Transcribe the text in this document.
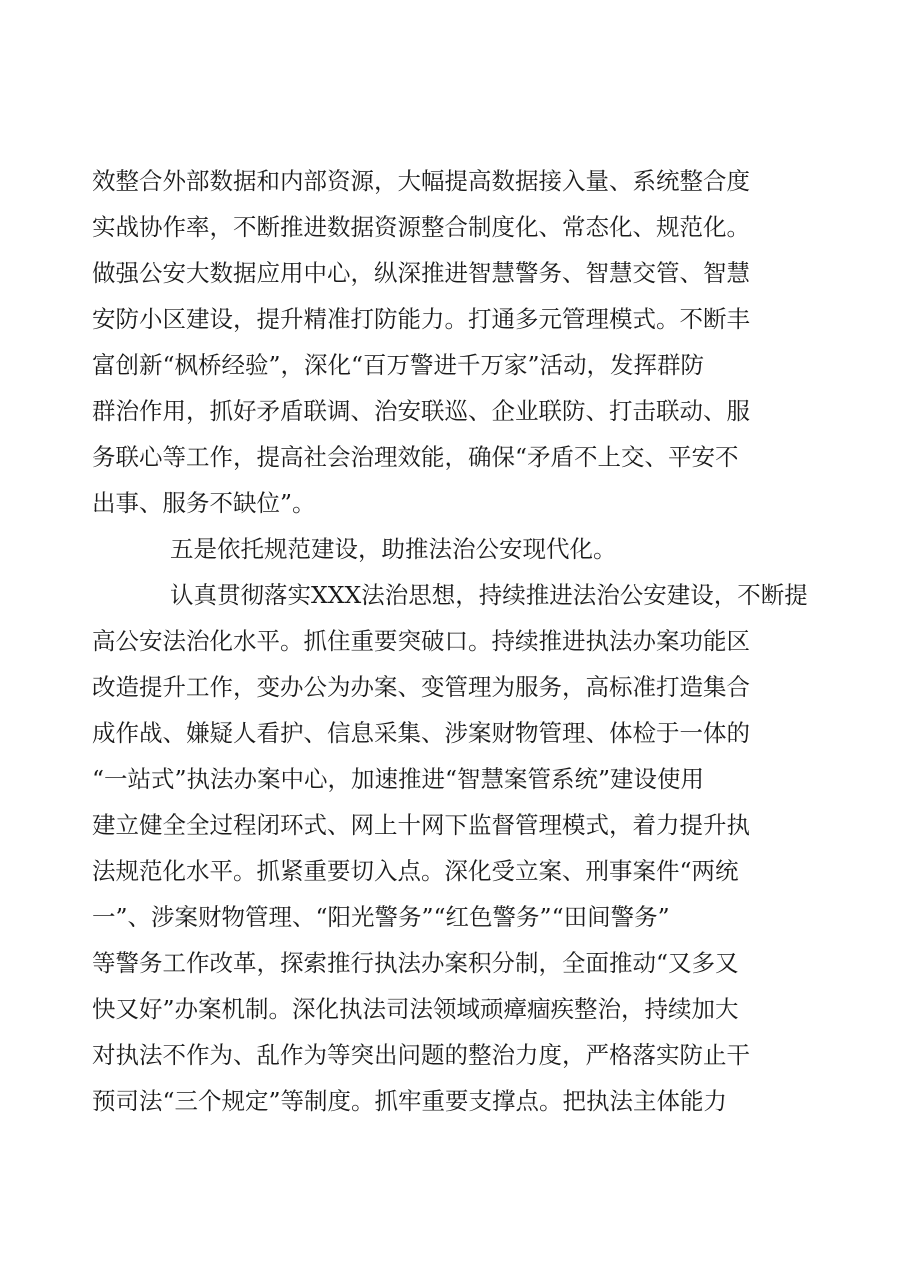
效整合外部数据和内部资源，大幅提高数据接入量、系统整合度
实战协作率，不断推进数据资源整合制度化、常态化、规范化。
做强公安大数据应用中心，纵深推进智慧警务、智慧交管、智慧
安防小区建设，提升精准打防能力。打通多元管理模式。不断丰
富创新“枫桥经验”，深化“百万警进千万家”活动，发挥群防
群治作用，抓好矛盾联调、治安联巡、企业联防、打击联动、服
务联心等工作，提高社会治理效能，确保“矛盾不上交、平安不
出事、服务不缺位”。
五是依托规范建设，助推法治公安现代化。
认真贯彻落实XXX法治思想，持续推进法治公安建设，不断提
高公安法治化水平。抓住重要突破口。持续推进执法办案功能区
改造提升工作，变办公为办案、变管理为服务，高标准打造集合
成作战、嫌疑人看护、信息采集、涉案财物管理、体检于一体的
“一站式”执法办案中心，加速推进“智慧案管系统”建设使用
建立健全全过程闭环式、网上十网下监督管理模式，着力提升执
法规范化水平。抓紧重要切入点。深化受立案、刑事案件“两统
一”、涉案财物管理、“阳光警务”“红色警务”“田间警务”
等警务工作改革，探索推行执法办案积分制，全面推动“又多又
快又好”办案机制。深化执法司法领域顽瘴痼疾整治，持续加大
对执法不作为、乱作为等突出问题的整治力度，严格落实防止干
预司法“三个规定”等制度。抓牢重要支撑点。把执法主体能力
